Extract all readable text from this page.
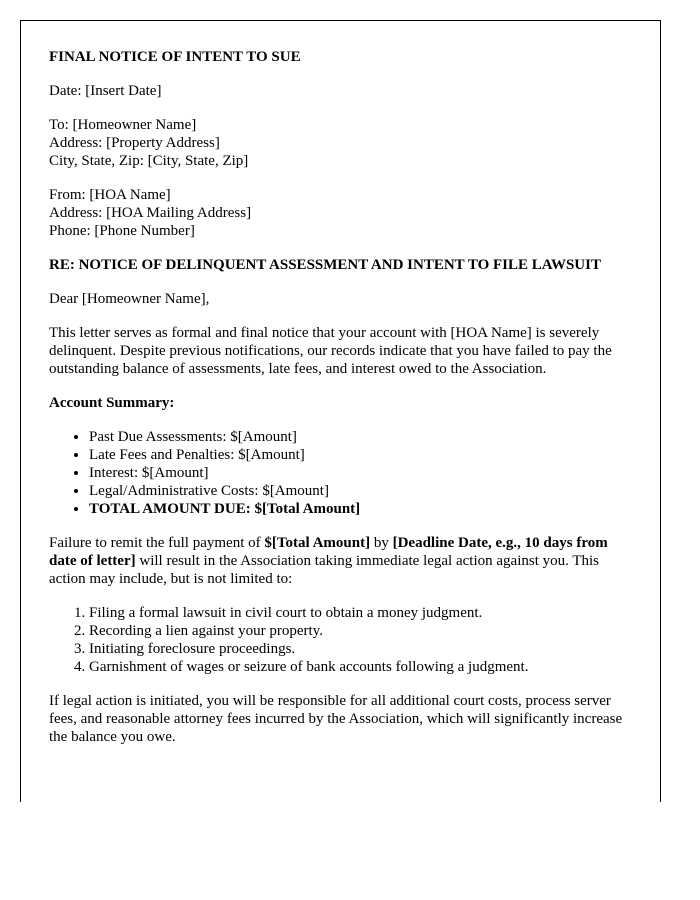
FINAL NOTICE OF INTENT TO SUE

Date: [Insert Date]

To: [Homeowner Name]
Address: [Property Address]
City, State, Zip: [City, State, Zip]

From: [HOA Name]
Address: [HOA Mailing Address]
Phone: [Phone Number]

RE: NOTICE OF DELINQUENT ASSESSMENT AND INTENT TO FILE LAWSUIT

Dear [Homeowner Name],

This letter serves as formal and final notice that your account with [HOA Name] is severely delinquent. Despite previous notifications, our records indicate that you have failed to pay the outstanding balance of assessments, late fees, and interest owed to the Association.

Account Summary:

• Past Due Assessments: $[Amount]
• Late Fees and Penalties: $[Amount]
• Interest: $[Amount]
• Legal/Administrative Costs: $[Amount]
• TOTAL AMOUNT DUE: $[Total Amount]

Failure to remit the full payment of $[Total Amount] by [Deadline Date, e.g., 10 days from date of letter] will result in the Association taking immediate legal action against you. This action may include, but is not limited to:

1. Filing a formal lawsuit in civil court to obtain a money judgment.
2. Recording a lien against your property.
3. Initiating foreclosure proceedings.
4. Garnishment of wages or seizure of bank accounts following a judgment.

If legal action is initiated, you will be responsible for all additional court costs, process server fees, and reasonable attorney fees incurred by the Association, which will significantly increase the balance you owe.
